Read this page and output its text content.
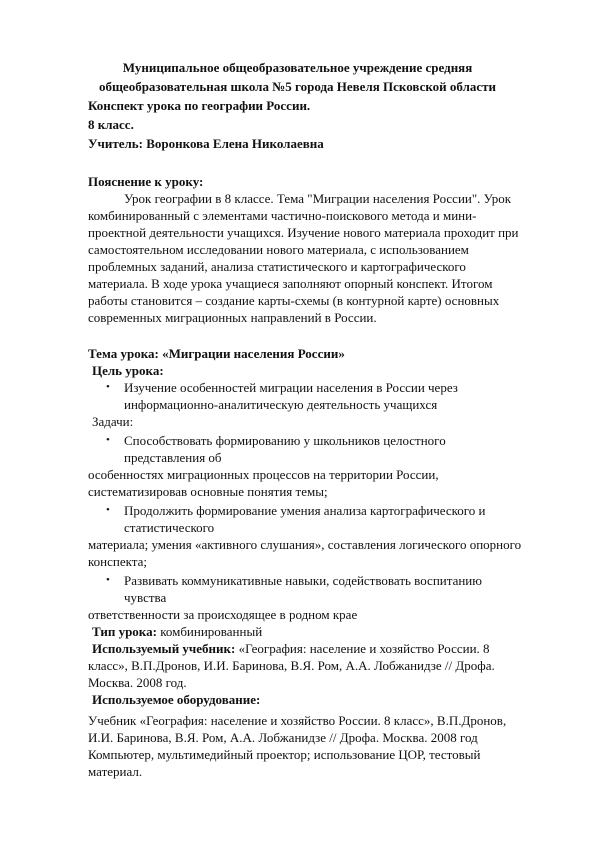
Муниципальное общеобразовательное учреждение средняя
общеобразовательная школа №5 города Невеля Псковской области
Конспект урока по географии России.
8 класс.
Учитель: Воронкова Елена Николаевна
Пояснение к уроку:
Урок географии в 8 классе. Тема "Миграции населения России". Урок
комбинированный с элементами частично-поискового метода и мини-
проектной деятельности учащихся. Изучение нового материала проходит при
самостоятельном исследовании нового материала, с использованием
проблемных заданий, анализа статистического и картографического
материала. В ходе урока учащиеся заполняют опорный конспект. Итогом
работы становится – создание карты-схемы (в контурной карте) основных
современных миграционных направлений в России.
Тема урока: «Миграции населения России»
Цель урока:
• Изучение особенностей миграции населения в России через
информационно-аналитическую деятельность учащихся
Задачи:
• Способствовать формированию у школьников целостного
представления об
особенностях миграционных процессов на территории России,
систематизировав основные понятия темы;
• Продолжить формирование умения анализа картографического и
статистического
материала; умения «активного слушания», составления логического опорного
конспекта;
• Развивать коммуникативные навыки, содействовать воспитанию
чувства
ответственности за происходящее в родном крае
Тип урока: комбинированный
Используемый учебник: «География: население и хозяйство России. 8
класс», В.П.Дронов, И.И. Баринова, В.Я. Ром, А.А. Лобжанидзе // Дрофа.
Москва. 2008 год.
Используемое оборудование:
Учебник «География: население и хозяйство России. 8 класс», В.П.Дронов,
И.И. Баринова, В.Я. Ром, А.А. Лобжанидзе // Дрофа. Москва. 2008 год
Компьютер, мультимедийный проектор; использование ЦОР, тестовый
материал.
